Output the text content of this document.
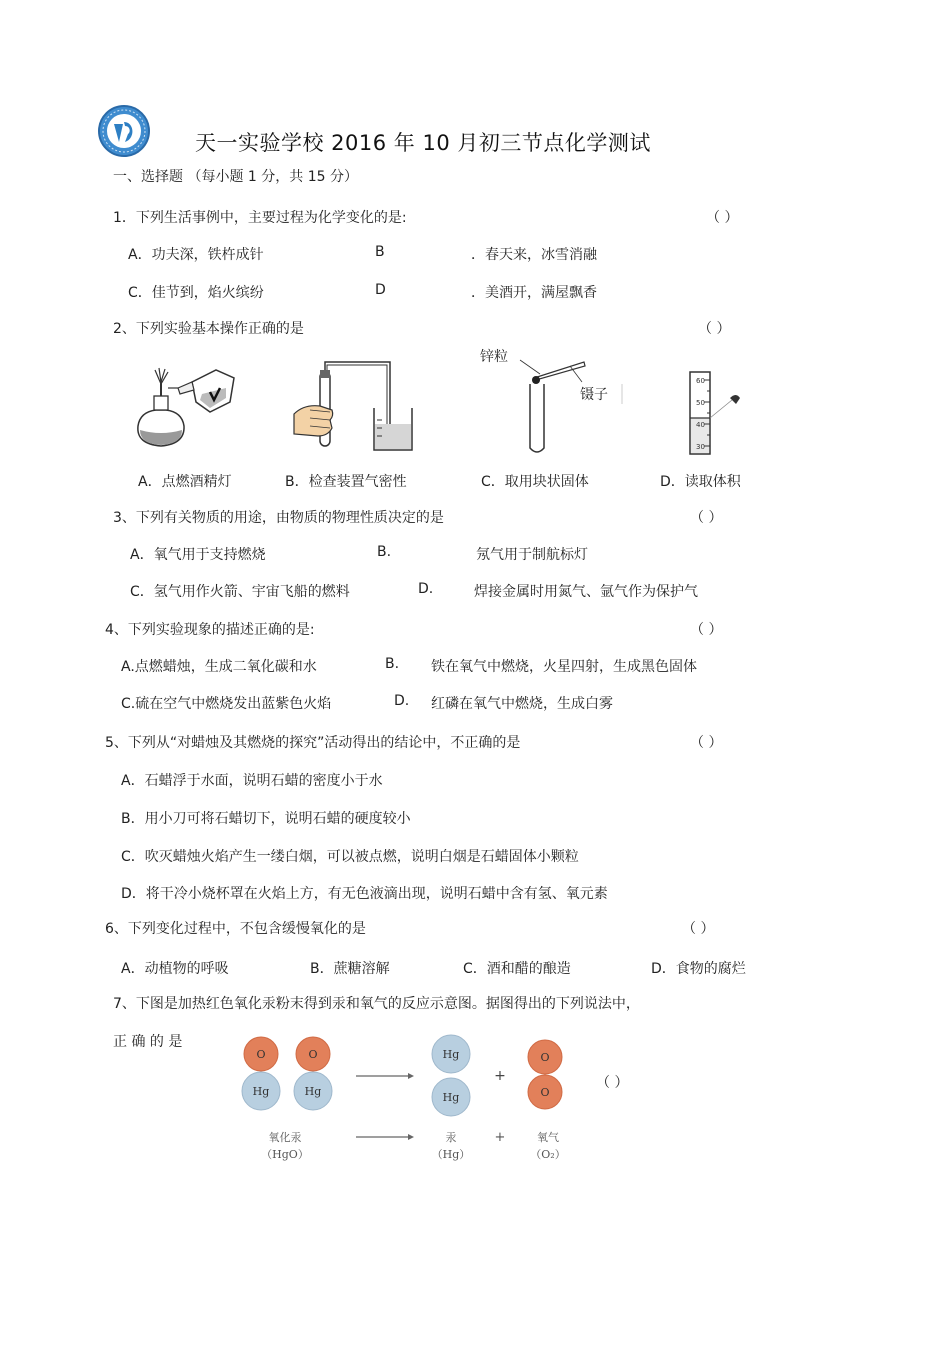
天一实验学校 2016 年 10 月初三节点化学测试
一、选择题 （每小题 1 分，共 15 分）
1．下列生活事例中，主要过程为化学变化的是:	（ ）
A．功夫深，铁杵成针	B	．春天来，冰雪消融
C．佳节到，焰火缤纷	D	．美酒开，满屋飘香
2、下列实验基本操作正确的是	（ ）
锌粒
镊子
60
50
40
30
A．点燃酒精灯	B．检查装置气密性	C．取用块状固体	D．读取体积
3、下列有关物质的用途，由物质的物理性质决定的是	（ ）
A．氧气用于支持燃烧	B.	氖气用于制航标灯
C．氢气用作火箭、宇宙飞船的燃料	D.	焊接金属时用氮气、氩气作为保护气
4、下列实验现象的描述正确的是:	（ ）
A.点燃蜡烛，生成二氧化碳和水	B. 铁在氧气中燃烧，火星四射，生成黑色固体
C.硫在空气中燃烧发出蓝紫色火焰	D. 红磷在氧气中燃烧，生成白雾
5、下列从“对蜡烛及其燃烧的探究”活动得出的结论中，不正确的是	（ ）
A．石蜡浮于水面，说明石蜡的密度小于水
B．用小刀可将石蜡切下，说明石蜡的硬度较小
C．吹灭蜡烛火焰产生一缕白烟，可以被点燃，说明白烟是石蜡固体小颗粒
D．将干冷小烧杯罩在火焰上方，有无色液滴出现，说明石蜡中含有氢、氧元素
6、下列变化过程中，不包含缓慢氧化的是	（ ）
A．动植物的呼吸	B．蔗糖溶解	C．酒和醋的酿造	D．食物的腐烂
7、下图是加热红色氧化汞粉末得到汞和氧气的反应示意图。据图得出的下列说法中，
正 确 的 是
（ ）
O
Hg
O
Hg
Hg
Hg
+
O
O
氧化汞
（HgO）
汞
（Hg）
+	氧气
（O₂）
